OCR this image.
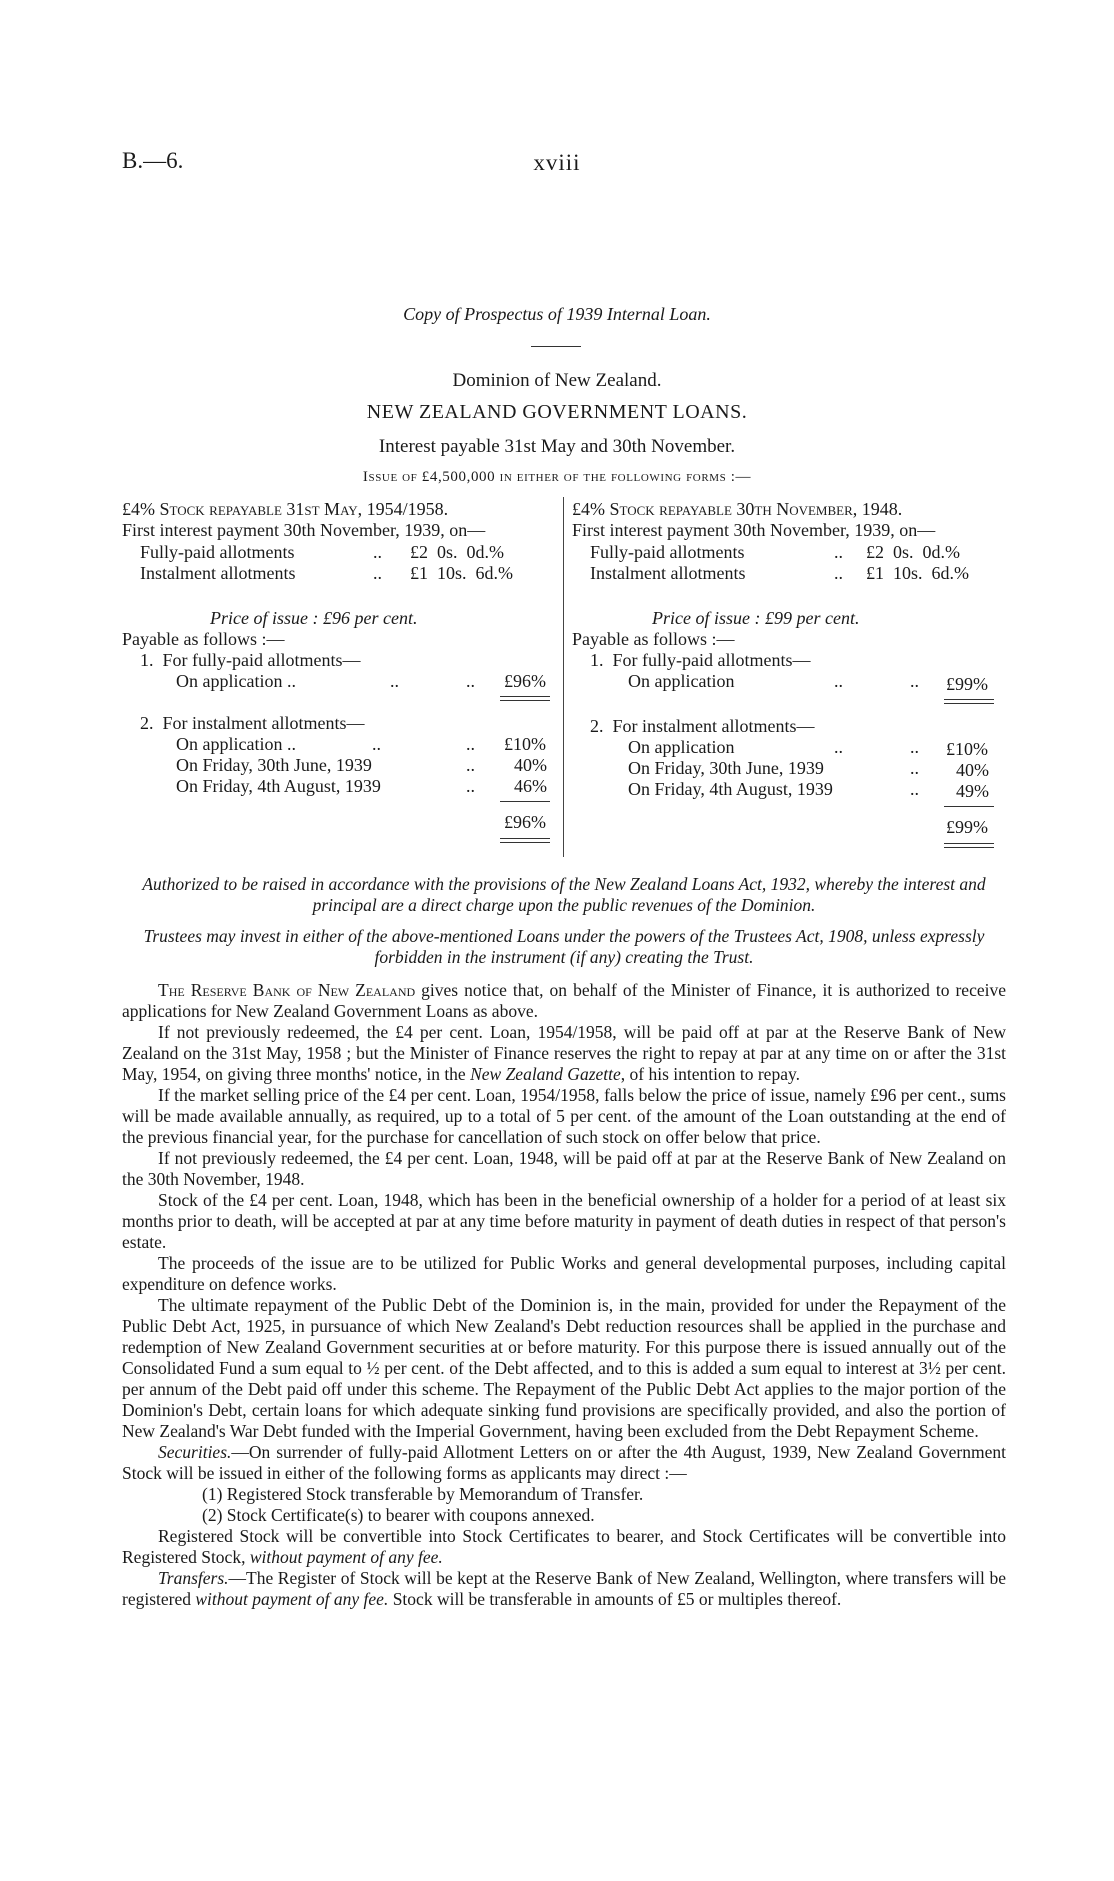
B.—6.	xviii
Copy of Prospectus of 1939 Internal Loan.
Dominion of New Zealand.
NEW ZEALAND GOVERNMENT LOANS.
Interest payable 31st May and 30th November.
Issue of £4,500,000 in either of the following forms :—
£4% Stock repayable 31st May, 1954/1958.
First interest payment 30th November, 1939, on—
Fully-paid allotments	.. £2  0s.  0d.%
Instalment allotments	.. £1  10s.  6d.%
Price of issue : £96 per cent.
Payable as follows :—
1.  For fully-paid allotments—
On application ..	..	.. £96%
2.  For instalment allotments—
On application ..	..	.. £10%
On Friday, 30th June, 1939	.. 40%
On Friday, 4th August, 1939	.. 46%
£96%
£4% Stock repayable 30th November, 1948.
First interest payment 30th November, 1939, on—
Fully-paid allotments	.. £2  0s.  0d.%
Instalment allotments	.. £1  10s.  6d.%
Price of issue : £99 per cent.
Payable as follows :—
1.  For fully-paid allotments—
On application	..	.. £99%
2.  For instalment allotments—
On application	..	.. £10%
On Friday, 30th June, 1939	.. 40%
On Friday, 4th August, 1939	.. 49%
£99%

Authorized to be raised in accordance with the provisions of the New Zealand Loans Act, 1932, whereby the interest and principal are a direct charge upon the public revenues of the Dominion.

Trustees may invest in either of the above-mentioned Loans under the powers of the Trustees Act, 1908, unless expressly forbidden in the instrument (if any) creating the Trust.

The Reserve Bank of New Zealand gives notice that, on behalf of the Minister of Finance, it is authorized to receive applications for New Zealand Government Loans as above.

If not previously redeemed, the £4 per cent. Loan, 1954/1958, will be paid off at par at the Reserve Bank of New Zealand on the 31st May, 1958 ; but the Minister of Finance reserves the right to repay at par at any time on or after the 31st May, 1954, on giving three months' notice, in the New Zealand Gazette, of his intention to repay.

If the market selling price of the £4 per cent. Loan, 1954/1958, falls below the price of issue, namely £96 per cent., sums will be made available annually, as required, up to a total of 5 per cent. of the amount of the Loan outstanding at the end of the previous financial year, for the purchase for cancellation of such stock on offer below that price.

If not previously redeemed, the £4 per cent. Loan, 1948, will be paid off at par at the Reserve Bank of New Zealand on the 30th November, 1948.

Stock of the £4 per cent. Loan, 1948, which has been in the beneficial ownership of a holder for a period of at least six months prior to death, will be accepted at par at any time before maturity in payment of death duties in respect of that person's estate.

The proceeds of the issue are to be utilized for Public Works and general developmental purposes, including capital expenditure on defence works.

The ultimate repayment of the Public Debt of the Dominion is, in the main, provided for under the Repayment of the Public Debt Act, 1925, in pursuance of which New Zealand's Debt reduction resources shall be applied in the purchase and redemption of New Zealand Government securities at or before maturity. For this purpose there is issued annually out of the Consolidated Fund a sum equal to ½ per cent. of the Debt affected, and to this is added a sum equal to interest at 3½ per cent. per annum of the Debt paid off under this scheme. The Repayment of the Public Debt Act applies to the major portion of the Dominion's Debt, certain loans for which adequate sinking fund provisions are specifically provided, and also the portion of New Zealand's War Debt funded with the Imperial Government, having been excluded from the Debt Repayment Scheme.

Securities.—On surrender of fully-paid Allotment Letters on or after the 4th August, 1939, New Zealand Government Stock will be issued in either of the following forms as applicants may direct :—

(1) Registered Stock transferable by Memorandum of Transfer.

(2) Stock Certificate(s) to bearer with coupons annexed.

Registered Stock will be convertible into Stock Certificates to bearer, and Stock Certificates will be convertible into Registered Stock, without payment of any fee.

Transfers.—The Register of Stock will be kept at the Reserve Bank of New Zealand, Wellington, where transfers will be registered without payment of any fee. Stock will be transferable in amounts of £5 or multiples thereof.
